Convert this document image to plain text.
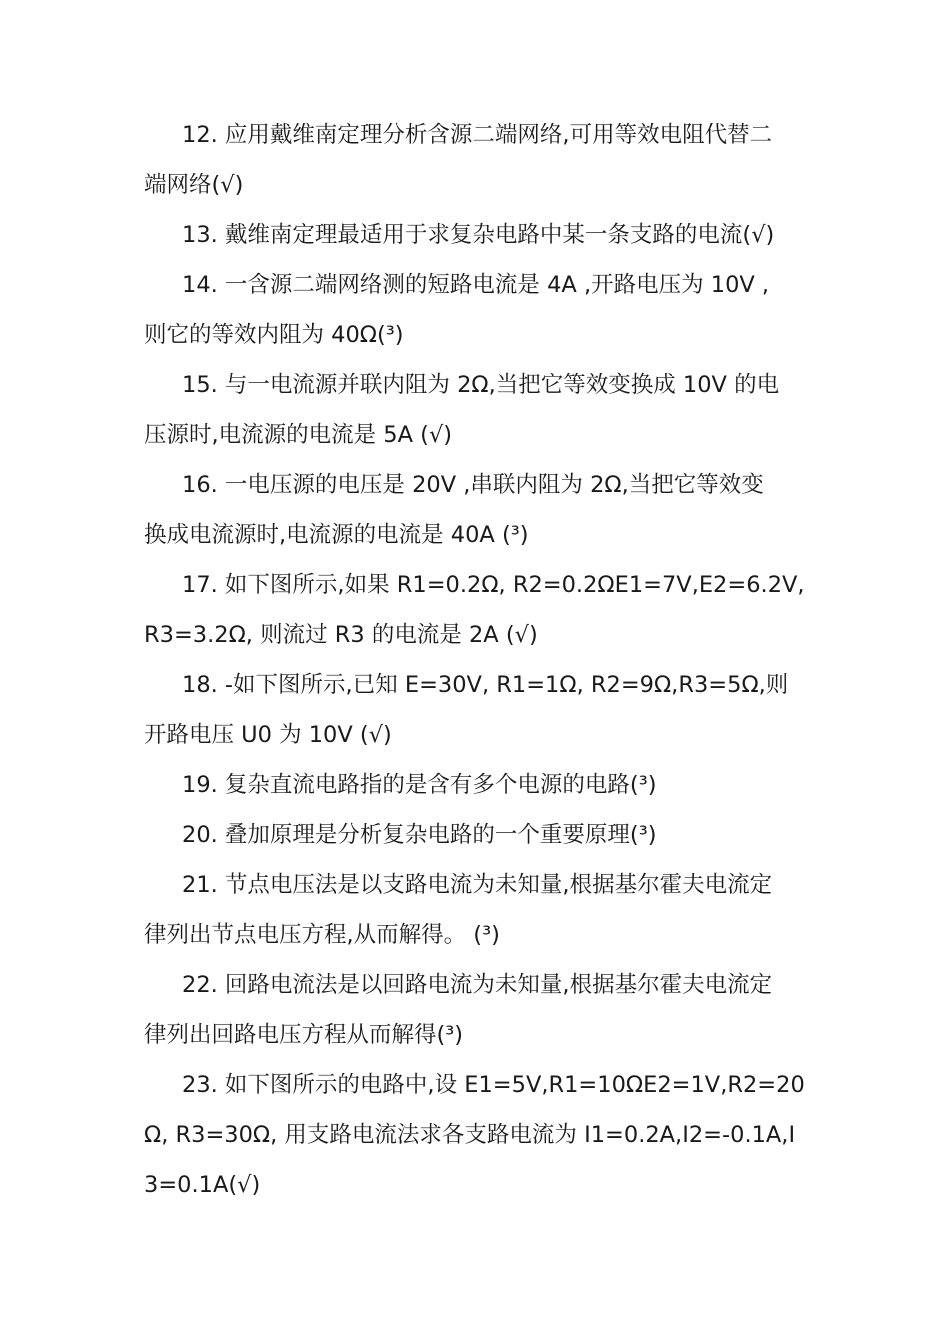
12. 应用戴维南定理分析含源二端网络,可用等效电阻代替二
端网络(√)
13. 戴维南定理最适用于求复杂电路中某一条支路的电流(√)
14. 一含源二端网络测的短路电流是 4A ,开路电压为 10V ,
则它的等效内阻为 40Ω(³)
15. 与一电流源并联内阻为 2Ω,当把它等效变换成 10V 的电
压源时,电流源的电流是 5A (√)
16. 一电压源的电压是 20V ,串联内阻为 2Ω,当把它等效变
换成电流源时,电流源的电流是 40A (³)
17. 如下图所示,如果 R1=0.2Ω, R2=0.2ΩE1=7V,E2=6.2V,
R3=3.2Ω, 则流过 R3 的电流是 2A (√)
18. -如下图所示,已知 E=30V, R1=1Ω, R2=9Ω,R3=5Ω,则
开路电压 U0 为 10V (√)
19. 复杂直流电路指的是含有多个电源的电路(³)
20. 叠加原理是分析复杂电路的一个重要原理(³)
21. 节点电压法是以支路电流为未知量,根据基尔霍夫电流定
律列出节点电压方程,从而解得。 (³)
22. 回路电流法是以回路电流为未知量,根据基尔霍夫电流定
律列出回路电压方程从而解得(³)
23. 如下图所示的电路中,设 E1=5V,R1=10ΩE2=1V,R2=20
Ω, R3=30Ω, 用支路电流法求各支路电流为 I1=0.2A,I2=-0.1A,I
3=0.1A(√)
